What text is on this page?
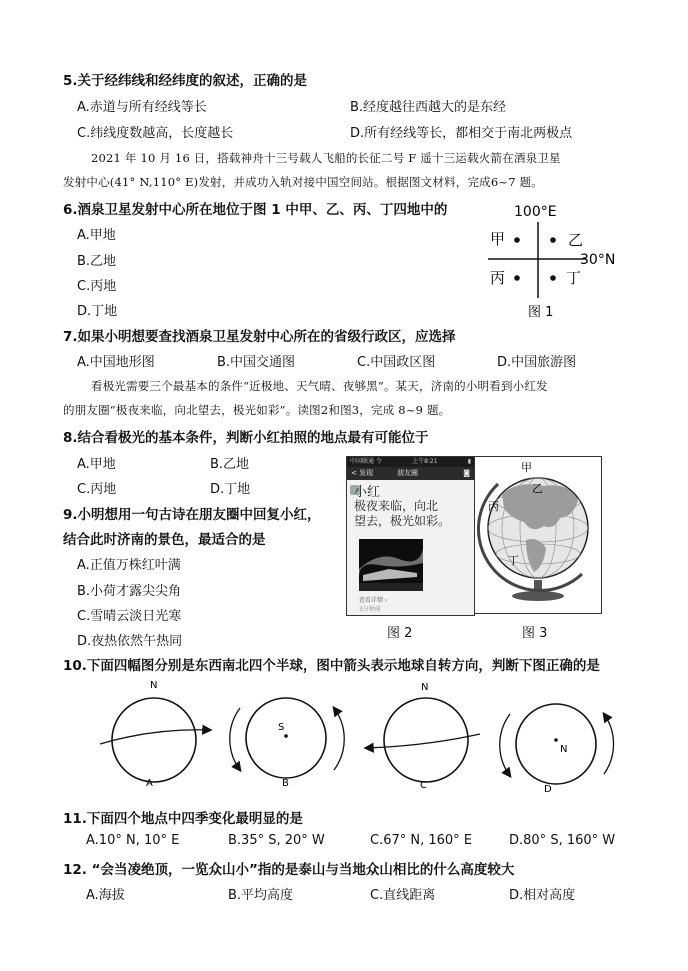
5.关于经纬线和经纬度的叙述，正确的是
A.赤道与所有经线等长	B.经度越往西越大的是东经
C.纬线度数越高，长度越长	D.所有经线等长，都相交于南北两极点
2021 年 10 月 16 日，搭载神舟十三号载人飞船的长征二号 F 遥十三运载火箭在酒泉卫星
发射中心(41° N,110° E)发射，并成功入轨对接中国空间站。根据图文材料，完成6~7 题。
6.酒泉卫星发射中心所在地位于图 1 中甲、乙、丙、丁四地中的
A.甲地
B.乙地
C.丙地
D.丁地
100°E
30°N
甲	乙
丙	丁
图 1
7.如果小明想要查找酒泉卫星发射中心所在的省级行政区，应选择
A.中国地形图	B.中国交通图	C.中国政区图	D.中国旅游图
看极光需要三个最基本的条件“近极地、天气晴、夜够黑”。某天，济南的小明看到小红发
的朋友圈“极夜来临，向北望去，极光如彩”。读图2和图3，完成 8~9 题。
8.结合看极光的基本条件，判断小红拍照的地点最有可能位于
A.甲地	B.乙地
C.丙地	D.丁地
9.小明想用一句古诗在朋友圈中回复小红，
结合此时济南的景色，最适合的是
A.正值万株红叶满
B.小荷才露尖尖角
C.雪晴云淡日光寒
D.夜热依然午热同
中国联通 令	上午8:21	▮
< 发现	朋友圈	◙
小红
极夜来临，向北
望去，极光如彩。
查看详情 ›
3分钟前
图 2
甲
乙
丙
丁
图 3
10.下面四幅图分别是东西南北四个半球，图中箭头表示地球自转方向，判断下图正确的是
N
A
S
B
N
C
N
D
11.下面四个地点中四季变化最明显的是
A.10° N, 10° E	B.35° S, 20° W	C.67° N, 160° E	D.80° S, 160° W
12. “会当凌绝顶，一览众山小”指的是泰山与当地众山相比的什么高度较大
A.海拔	B.平均高度	C.直线距离	D.相对高度
